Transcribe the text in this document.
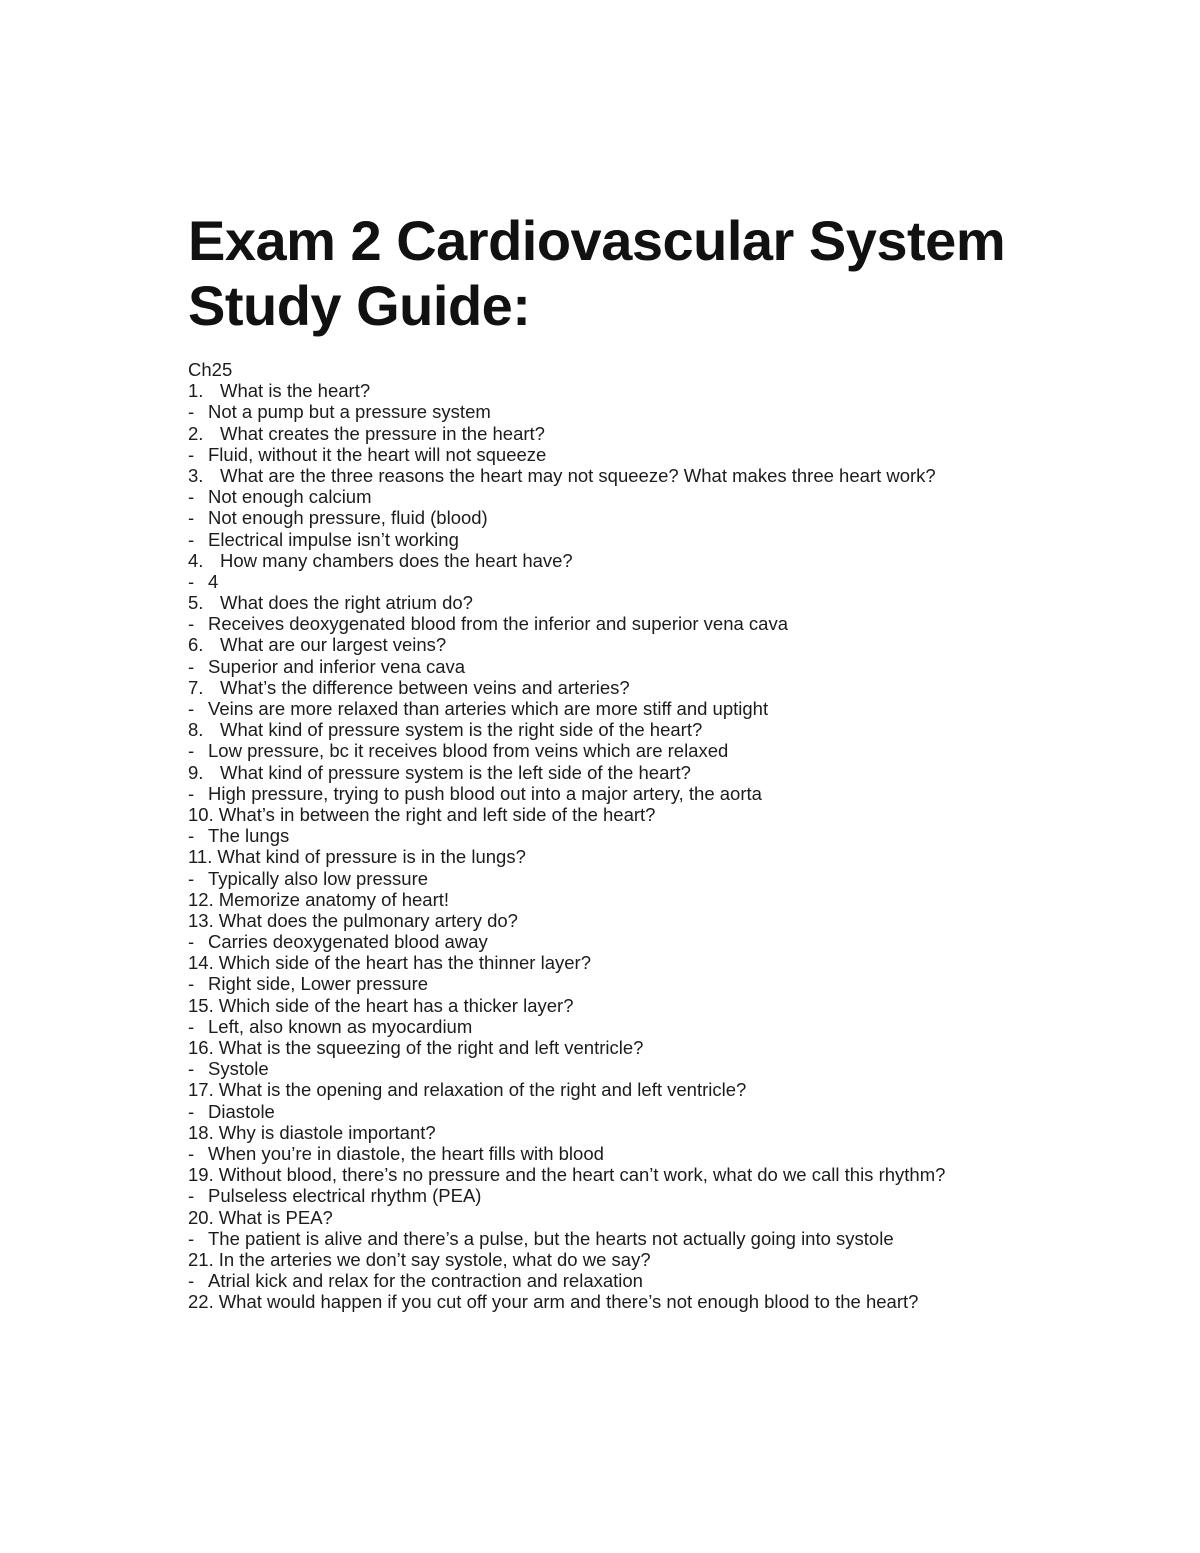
Exam 2 Cardiovascular System
Study Guide:
Ch25
1. What is the heart?
- Not a pump but a pressure system
2. What creates the pressure in the heart?
- Fluid, without it the heart will not squeeze
3. What are the three reasons the heart may not squeeze? What makes three heart work?
- Not enough calcium
- Not enough pressure, fluid (blood)
- Electrical impulse isn’t working
4. How many chambers does the heart have?
- 4
5. What does the right atrium do?
- Receives deoxygenated blood from the inferior and superior vena cava
6. What are our largest veins?
- Superior and inferior vena cava
7. What’s the difference between veins and arteries?
- Veins are more relaxed than arteries which are more stiff and uptight
8. What kind of pressure system is the right side of the heart?
- Low pressure, bc it receives blood from veins which are relaxed
9. What kind of pressure system is the left side of the heart?
- High pressure, trying to push blood out into a major artery, the aorta
10. What’s in between the right and left side of the heart?
- The lungs
11. What kind of pressure is in the lungs?
- Typically also low pressure
12. Memorize anatomy of heart!
13. What does the pulmonary artery do?
- Carries deoxygenated blood away
14. Which side of the heart has the thinner layer?
- Right side, Lower pressure
15. Which side of the heart has a thicker layer?
- Left, also known as myocardium
16. What is the squeezing of the right and left ventricle?
- Systole
17. What is the opening and relaxation of the right and left ventricle?
- Diastole
18. Why is diastole important?
- When you’re in diastole, the heart fills with blood
19. Without blood, there’s no pressure and the heart can’t work, what do we call this rhythm?
- Pulseless electrical rhythm (PEA)
20. What is PEA?
- The patient is alive and there’s a pulse, but the hearts not actually going into systole
21. In the arteries we don’t say systole, what do we say?
- Atrial kick and relax for the contraction and relaxation
22. What would happen if you cut off your arm and there’s not enough blood to the heart?
